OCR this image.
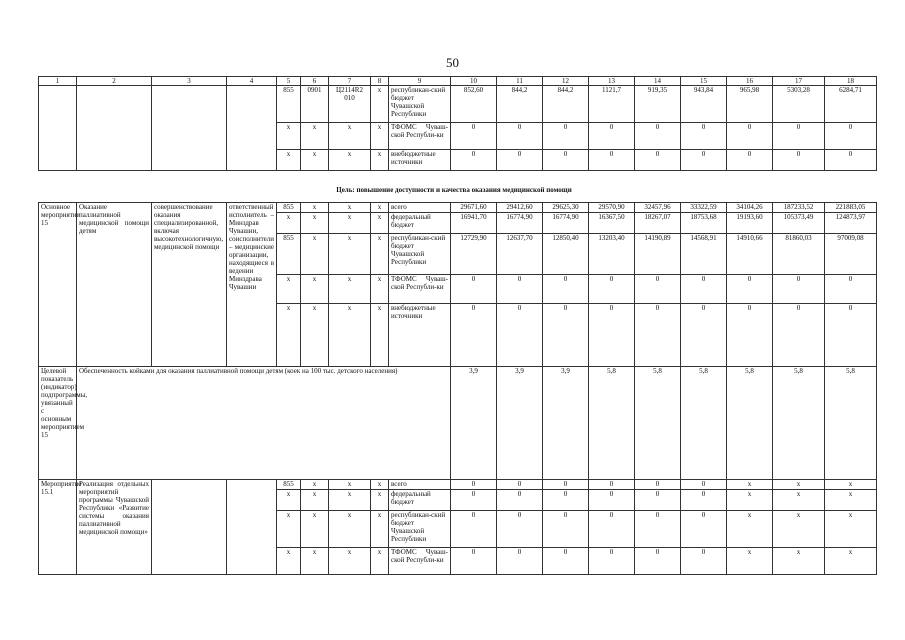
50
1	2	3	4	5	6	7	8	9	10	11	12	13	14	15	16	17	18
				855	0901	Ц2114R2 010	х	республикан-ский бюджет Чувашской Республики	852,60	844,2	844,2	1121,7	919,35	943,84	965,98	5303,28	6284,71
				х	х	х	х	ТФОМС Чуваш-ской Республи-ки	0	0	0	0	0	0	0	0	0
				х	х	х	х	внебюджетные источники	0	0	0	0	0	0	0	0	0
Цель: повышение доступности и качества оказания медицинской помощи
Основное мероприятие 15	Оказание паллиативной медицинской помощи детям	совершенствование оказания специализированной, включая высокотехнологичную, медицинской помощи	ответственный исполнитель – Минздрав Чувашии, соисполнители – медицинские организации, находящиеся в ведении Минздрава Чувашии	855	х	х	х	всего	29671,60	29412,60	29625,30	29570,90	32457,96	33322,59	34104,26	187233,52	221883,05
				х	х	х	х	федеральный бюджет	16941,70	16774,90	16774,90	16367,50	18267,07	18753,68	19193,60	105373,49	124873,97
				855	х	х	х	республикан-ский бюджет Чувашской Республики	12729,90	12637,70	12850,40	13203,40	14190,89	14568,91	14910,66	81860,03	97009,08
				х	х	х	х	ТФОМС Чуваш-ской Республи-ки	0	0	0	0	0	0	0	0	0
				х	х	х	х	внебюджетные источники	0	0	0	0	0	0	0	0	0
Целевой показатель (индикатор) подпрограммы, увязанный с основным мероприятием 15	Обеспеченность койками для оказания паллиативной помощи детям (коек на 100 тыс. детского населения)								3,9	3,9	3,9	5,8	5,8	5,8	5,8	5,8	5,8
Мероприятие 15.1	Реализация отдельных мероприятий программы Чувашской Республики «Развитие системы оказания паллиативной медицинской помощи»			855	х	х	х	всего	0	0	0	0	0	0	х	х	х
				х	х	х	х	федеральный бюджет	0	0	0	0	0	0	х	х	х
				х	х	х	х	республикан-ский бюджет Чувашской Республики	0	0	0	0	0	0	х	х	х
				х	х	х	х	ТФОМС Чуваш-ской Республи-ки	0	0	0	0	0	0	х	х	х
